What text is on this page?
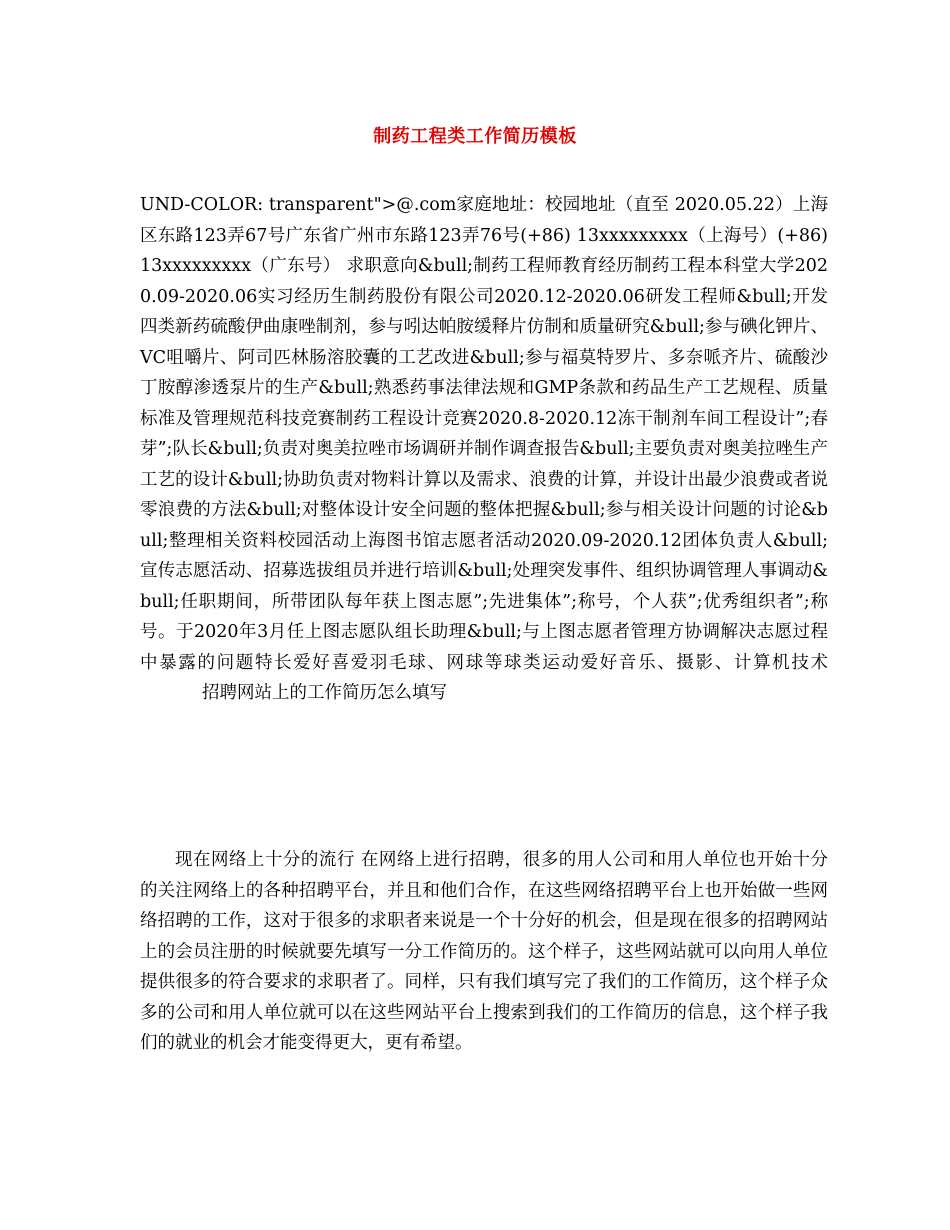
制药工程类工作简历模板

UND-COLOR: transparent">@.com家庭地址：校园地址（直至 2020.05.22）上海区东路123弄67号广东省广州市东路123弄76号(+86) 13xxxxxxxxx（上海号）(+86) 13xxxxxxxxx（广东号） 求职意向&bull;制药工程师教育经历制药工程本科堂大学2020.09-2020.06实习经历生制药股份有限公司2020.12-2020.06研发工程师&bull;开发四类新药硫酸伊曲康唑制剂，参与吲达帕胺缓释片仿制和质量研究&bull;参与碘化钾片、VC咀嚼片、阿司匹林肠溶胶囊的工艺改进&bull;参与福莫特罗片、多奈哌齐片、硫酸沙丁胺醇渗透泵片的生产&bull;熟悉药事法律法规和GMP条款和药品生产工艺规程、质量标准及管理规范科技竞赛制药工程设计竞赛2020.8-2020.12冻干制剂车间工程设计”;春芽”;队长&bull;负责对奥美拉唑市场调研并制作调查报告&bull;主要负责对奥美拉唑生产工艺的设计&bull;协助负责对物料计算以及需求、浪费的计算，并设计出最少浪费或者说零浪费的方法&bull;对整体设计安全问题的整体把握&bull;参与相关设计问题的讨论&bull;整理相关资料校园活动上海图书馆志愿者活动2020.09-2020.12团体负责人&bull;宣传志愿活动、招募选拔组员并进行培训&bull;处理突发事件、组织协调管理人事调动&bull;任职期间，所带团队每年获上图志愿”;先进集体”;称号，个人获”;优秀组织者”;称号。于2020年3月任上图志愿队组长助理&bull;与上图志愿者管理方协调解决志愿过程中暴露的问题特长爱好喜爱羽毛球、网球等球类运动爱好音乐、摄影、计算机技术招聘网站上的工作简历怎么填写

现在网络上十分的流行 在网络上进行招聘，很多的用人公司和用人单位也开始十分的关注网络上的各种招聘平台，并且和他们合作，在这些网络招聘平台上也开始做一些网络招聘的工作，这对于很多的求职者来说是一个十分好的机会，但是现在很多的招聘网站上的会员注册的时候就要先填写一分工作简历的。这个样子，这些网站就可以向用人单位提供很多的符合要求的求职者了。同样，只有我们填写完了我们的工作简历，这个样子众多的公司和用人单位就可以在这些网站平台上搜索到我们的工作简历的信息，这个样子我们的就业的机会才能变得更大，更有希望。
